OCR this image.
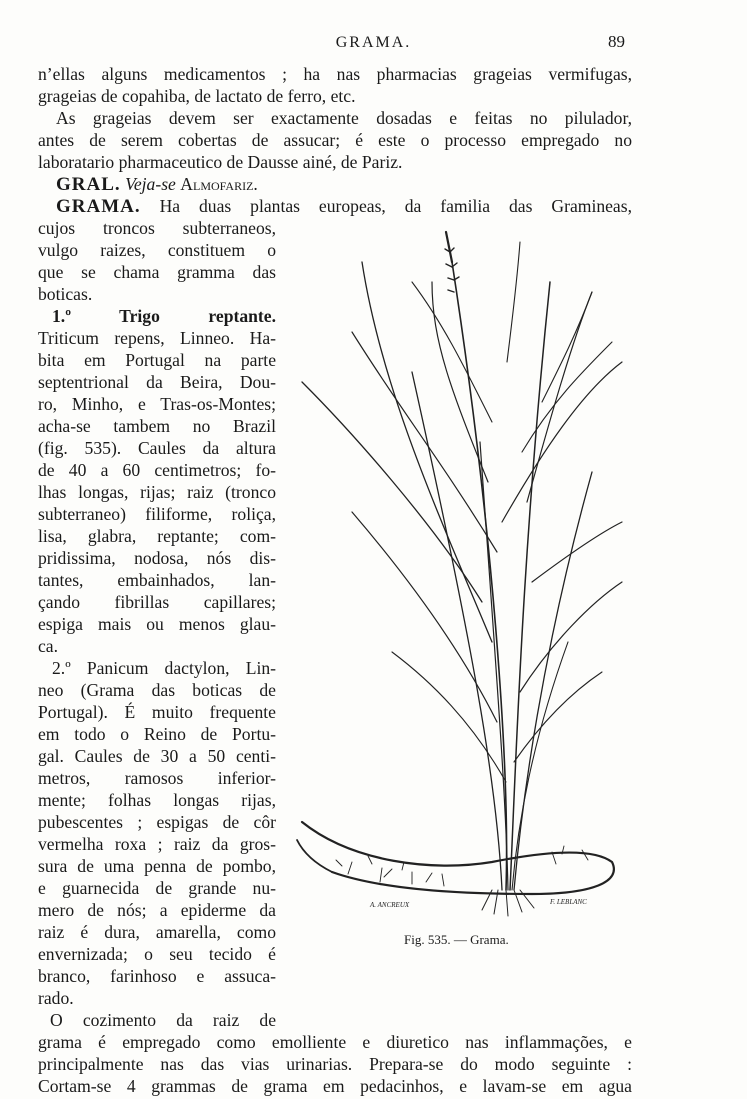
GRAMA.	89
n’ellas alguns medicamentos ; ha nas pharmacias grageias vermifugas,
grageias de copahiba, de lactato de ferro, etc.
As grageias devem ser exactamente dosadas e feitas no pilulador,
antes de serem cobertas de assucar; é este o processo empregado no
laboratario pharmaceutico de Dausse ainé, de Pariz.
GRAL. Veja-se Almofariz.
GRAMA. Ha duas plantas europeas, da familia das Gramineas,
cujos troncos subterraneos,
vulgo raizes, constituem o
que se chama gramma das
boticas.
1.º Trigo reptante.
Triticum repens, Linneo. Ha-
bita em Portugal na parte
septentrional da Beira, Dou-
ro, Minho, e Tras-os-Montes;
acha-se tambem no Brazil
(fig. 535). Caules da altura
de 40 a 60 centimetros; fo-
lhas longas, rijas; raiz (tronco
subterraneo) filiforme, roliça,
lisa, glabra, reptante; com-
pridissima, nodosa, nós dis-
tantes, embainhados, lan-
çando fibrillas capillares;
espiga mais ou menos glau-
ca.
2.º Panicum dactylon, Lin-
neo (Grama das boticas de
Portugal). É muito frequente
em todo o Reino de Portu-
gal. Caules de 30 a 50 centi-
metros, ramosos inferior-
mente; folhas longas rijas,
pubescentes ; espigas de côr
vermelha roxa ; raiz da gros-
sura de uma penna de pombo,
e guarnecida de grande nu-
mero de nós; a epiderme da
raiz é dura, amarella, como
envernizada; o seu tecido é
branco, farinhoso e assuca-
rado.
O cozimento da raiz de
grama é empregado como emolliente e diuretico nas inflammações, e
principalmente nas das vias urinarias. Prepara-se do modo seguinte :
Cortam-se 4 grammas de grama em pedacinhos, e lavam-se em agua
A. ANCREUX	F. LEBLANC
Fig. 535. — Grama.
